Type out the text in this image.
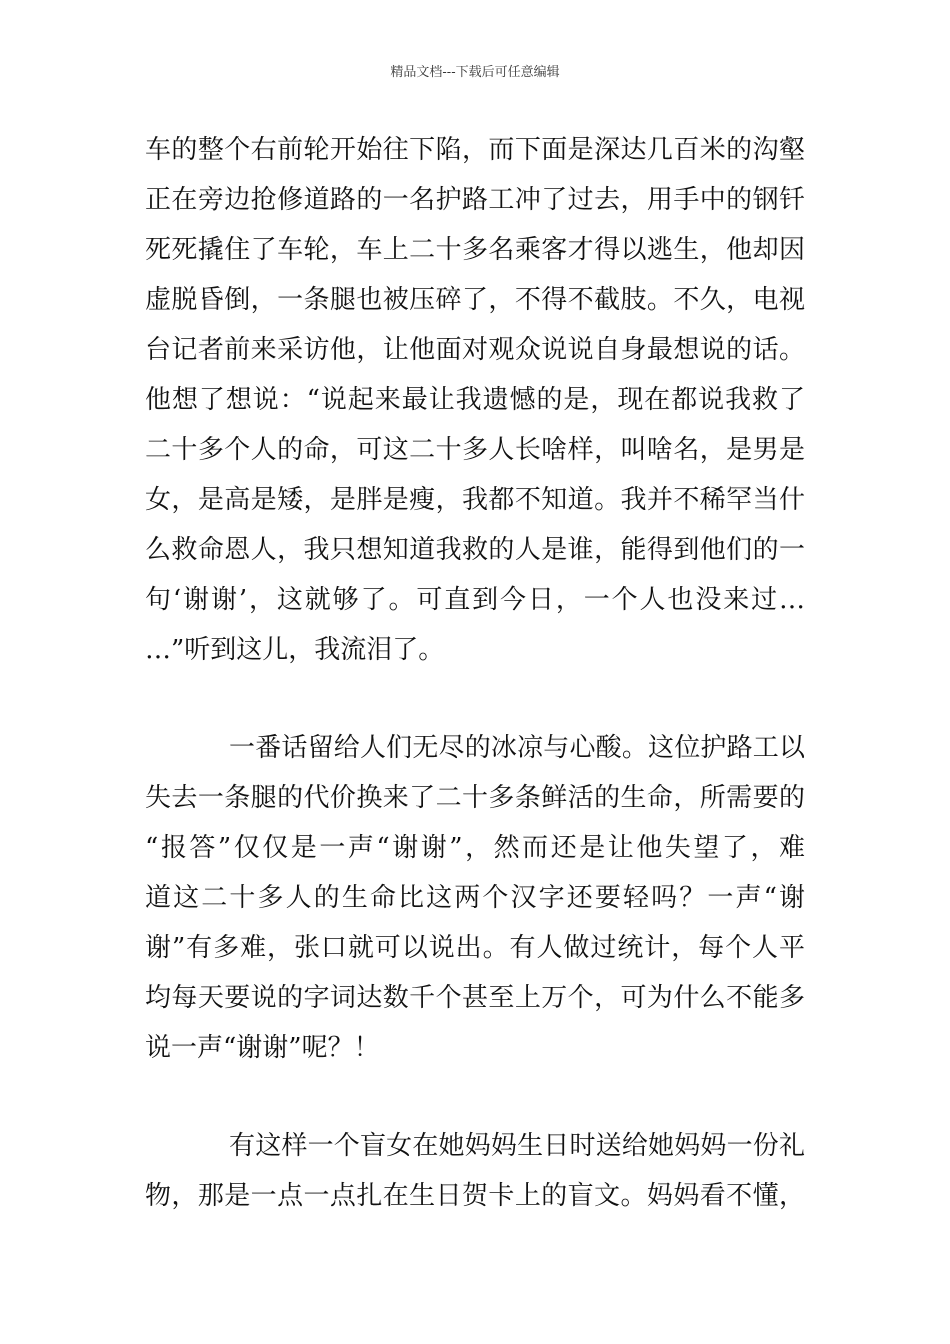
精品文档---下载后可任意编辑
车的整个右前轮开始往下陷，而下面是深达几百米的沟壑
正在旁边抢修道路的一名护路工冲了过去，用手中的钢钎
死死撬住了车轮，车上二十多名乘客才得以逃生，他却因
虚脱昏倒，一条腿也被压碎了，不得不截肢。不久，电视
台记者前来采访他，让他面对观众说说自身最想说的话。
他想了想说：“说起来最让我遗憾的是，现在都说我救了
二十多个人的命，可这二十多人长啥样，叫啥名，是男是
女，是高是矮，是胖是瘦，我都不知道。我并不稀罕当什
么救命恩人，我只想知道我救的人是谁，能得到他们的一
句‘谢谢’，这就够了。可直到今日，一个人也没来过…
…”听到这儿，我流泪了。
一番话留给人们无尽的冰凉与心酸。这位护路工以
失去一条腿的代价换来了二十多条鲜活的生命，所需要的
“报答”仅仅是一声“谢谢”，然而还是让他失望了，难
道这二十多人的生命比这两个汉字还要轻吗？一声“谢
谢”有多难，张口就可以说出。有人做过统计，每个人平
均每天要说的字词达数千个甚至上万个，可为什么不能多
说一声“谢谢”呢？！
有这样一个盲女在她妈妈生日时送给她妈妈一份礼
物，那是一点一点扎在生日贺卡上的盲文。妈妈看不懂，
